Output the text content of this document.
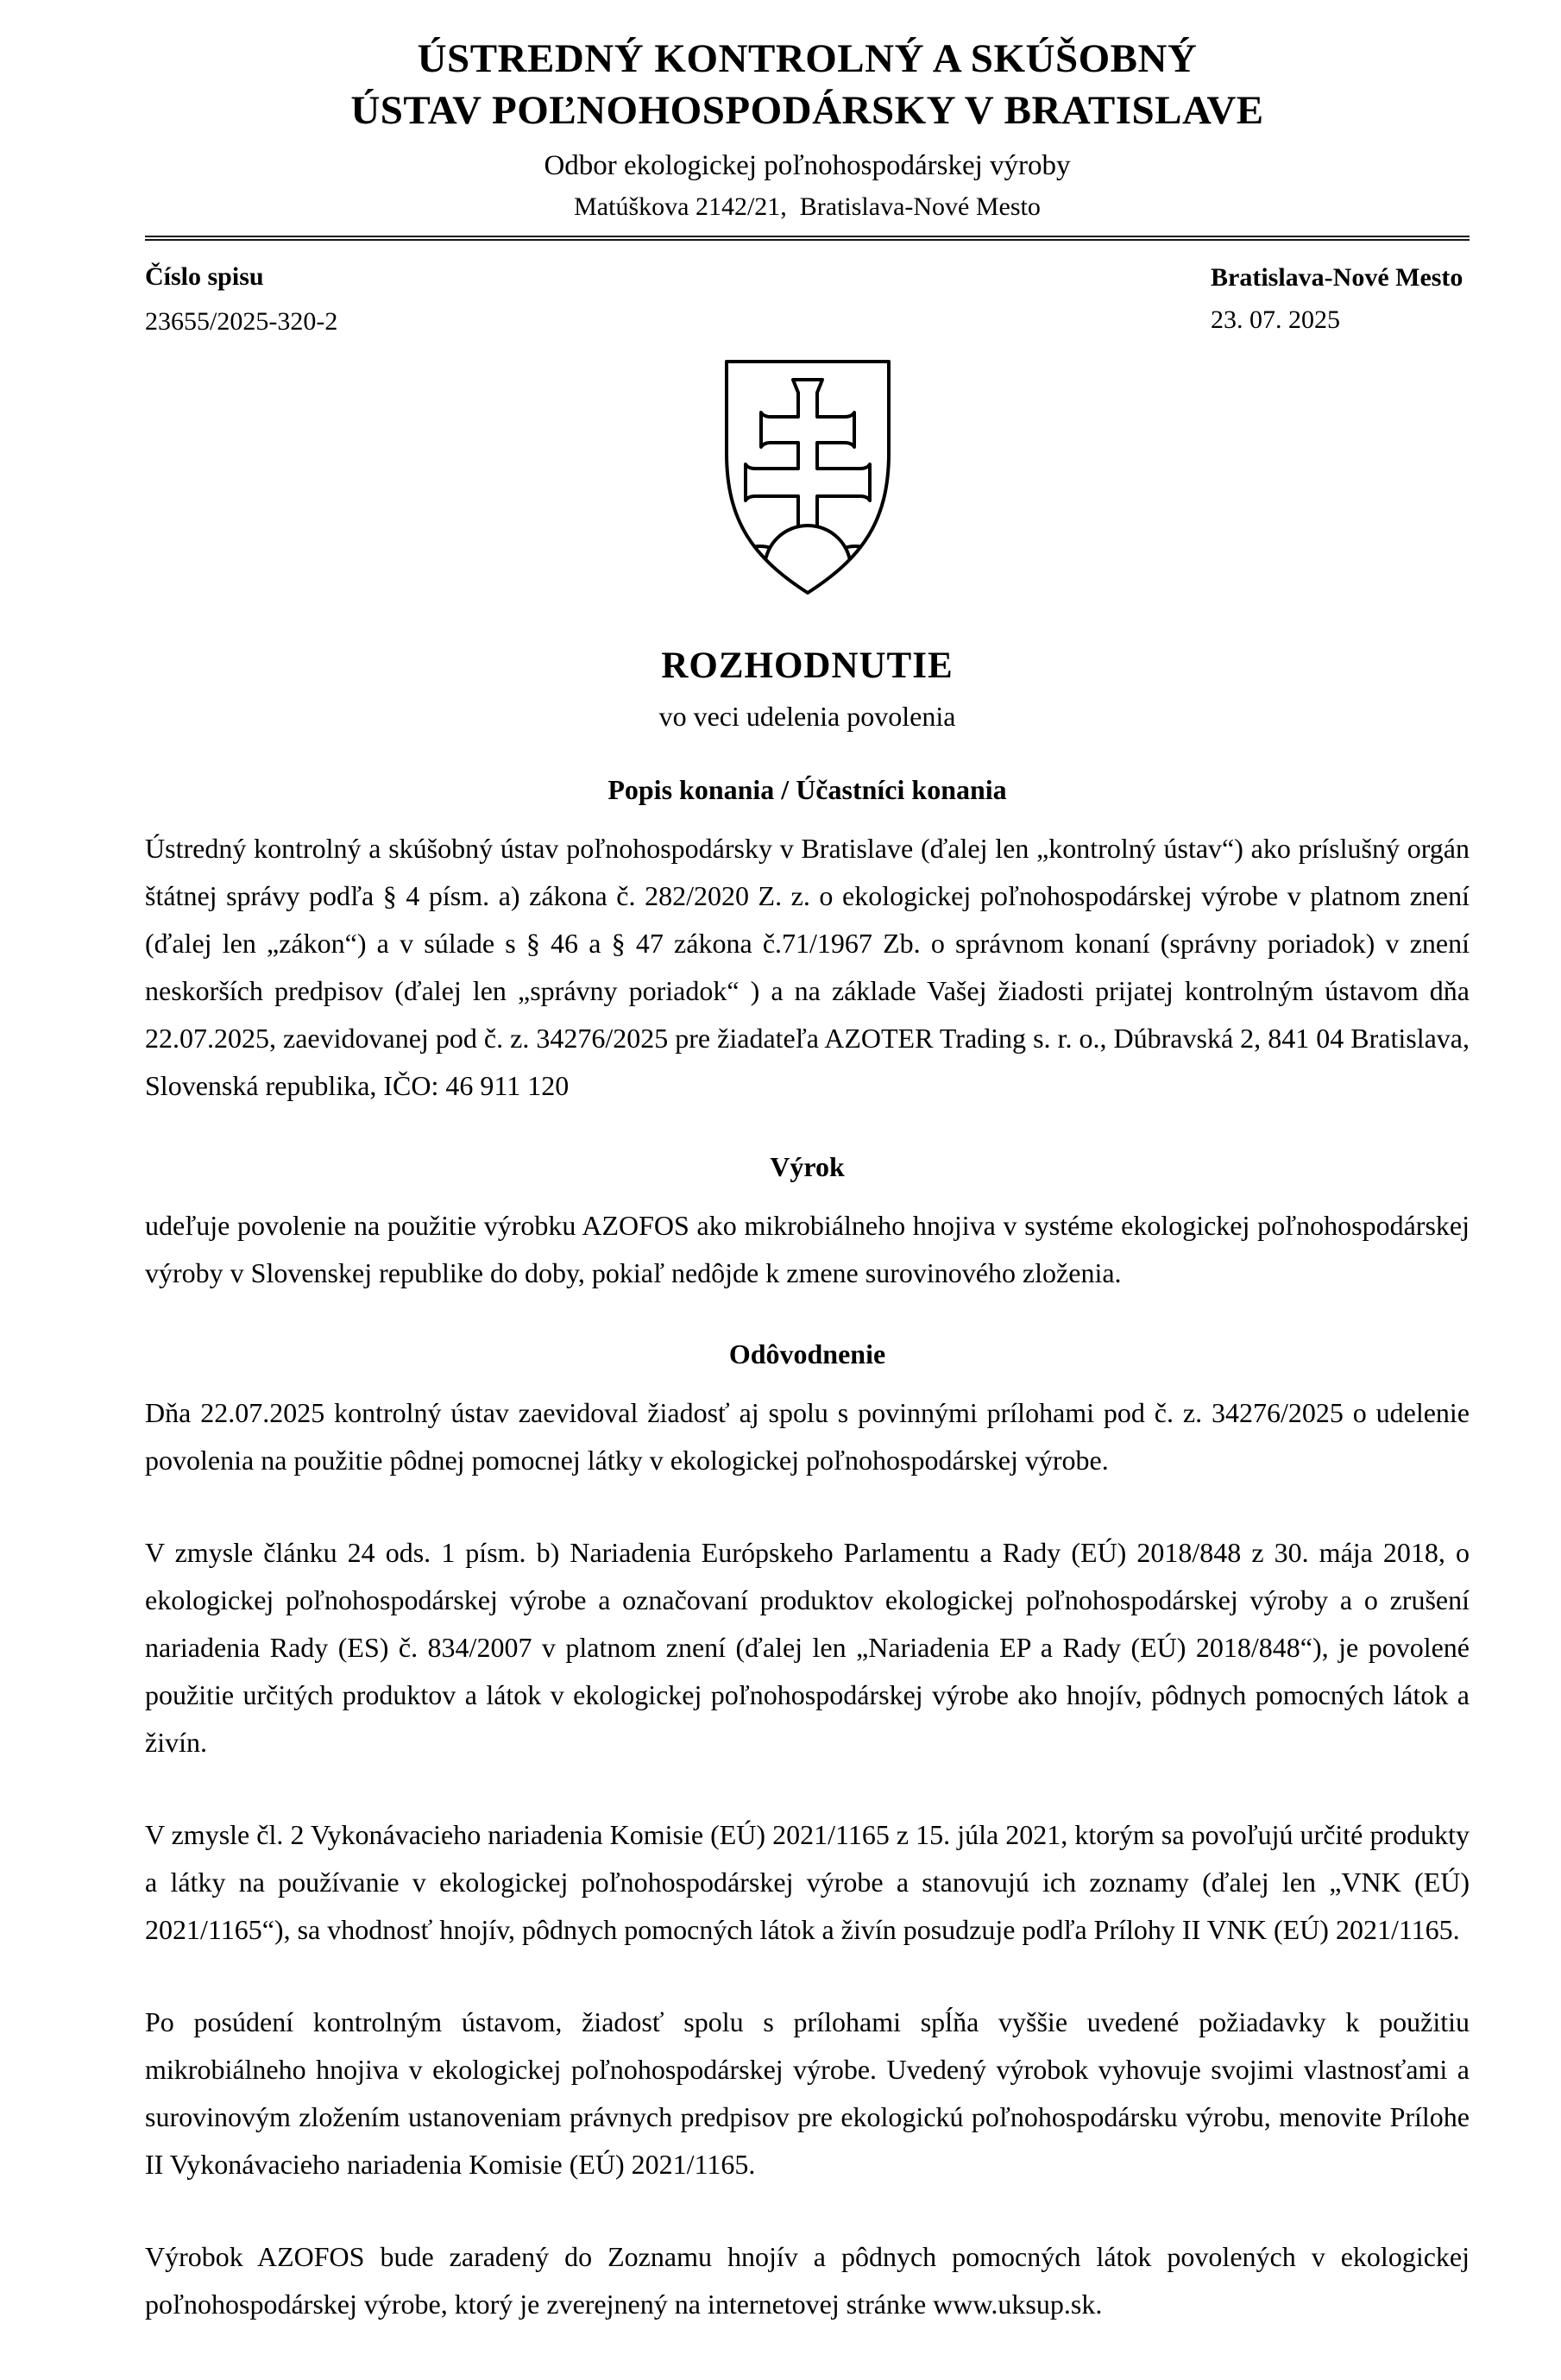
ÚSTREDNÝ KONTROLNÝ A SKÚŠOBNÝ
ÚSTAV POĽNOHOSPODÁRSKY V BRATISLAVE
Odbor ekologickej poľnohospodárskej výroby
Matúškova 2142/21,  Bratislava-Nové Mesto
Číslo spisu
23655/2025-320-2
Bratislava-Nové Mesto
23. 07. 2025
ROZHODNUTIE
vo veci udelenia povolenia
Popis konania / Účastníci konania

Ústredný kontrolný a skúšobný ústav poľnohospodársky v Bratislave (ďalej len „kontrolný ústav“) ako príslušný orgán štátnej správy podľa § 4 písm. a) zákona č. 282/2020 Z. z. o ekologickej poľnohospodárskej výrobe v platnom znení (ďalej len „zákon“) a v súlade s § 46 a § 47 zákona č.71/1967 Zb. o správnom konaní (správny poriadok) v znení neskorších predpisov (ďalej len „správny poriadok“ ) a na základe Vašej žiadosti prijatej kontrolným ústavom dňa 22.07.2025, zaevidovanej pod č. z. 34276/2025 pre žiadateľa AZOTER Trading s. r. o., Dúbravská 2, 841 04 Bratislava, Slovenská republika, IČO: 46 911 120

Výrok

udeľuje povolenie na použitie výrobku AZOFOS ako mikrobiálneho hnojiva v systéme ekologickej poľnohospodárskej výroby v Slovenskej republike do doby, pokiaľ nedôjde k zmene surovinového zloženia.

Odôvodnenie

Dňa 22.07.2025 kontrolný ústav zaevidoval žiadosť aj spolu s povinnými prílohami pod č. z. 34276/2025 o udelenie povolenia na použitie pôdnej pomocnej látky v ekologickej poľnohospodárskej výrobe.

V zmysle článku 24 ods. 1 písm. b) Nariadenia Európskeho Parlamentu a Rady (EÚ) 2018/848 z 30. mája 2018, o ekologickej poľnohospodárskej výrobe a označovaní produktov ekologickej poľnohospodárskej výroby a o zrušení nariadenia Rady (ES) č. 834/2007 v platnom znení (ďalej len „Nariadenia EP a Rady (EÚ) 2018/848“), je povolené použitie určitých produktov a látok v ekologickej poľnohospodárskej výrobe ako hnojív, pôdnych pomocných látok a živín.

V zmysle čl. 2 Vykonávacieho nariadenia Komisie (EÚ) 2021/1165 z 15. júla 2021, ktorým sa povoľujú určité produkty a látky na používanie v ekologickej poľnohospodárskej výrobe a stanovujú ich zoznamy (ďalej len „VNK (EÚ) 2021/1165“), sa vhodnosť hnojív, pôdnych pomocných látok a živín posudzuje podľa Prílohy II VNK (EÚ) 2021/1165.

Po posúdení kontrolným ústavom, žiadosť spolu s prílohami spĺňa vyššie uvedené požiadavky k použitiu mikrobiálneho hnojiva v ekologickej poľnohospodárskej výrobe. Uvedený výrobok vyhovuje svojimi vlastnosťami a surovinovým zložením ustanoveniam právnych predpisov pre ekologickú poľnohospodársku výrobu, menovite Prílohe II Vykonávacieho nariadenia Komisie (EÚ) 2021/1165.

Výrobok AZOFOS bude zaradený do Zoznamu hnojív a pôdnych pomocných látok povolených v ekologickej poľnohospodárskej výrobe, ktorý je zverejnený na internetovej stránke www.uksup.sk.
